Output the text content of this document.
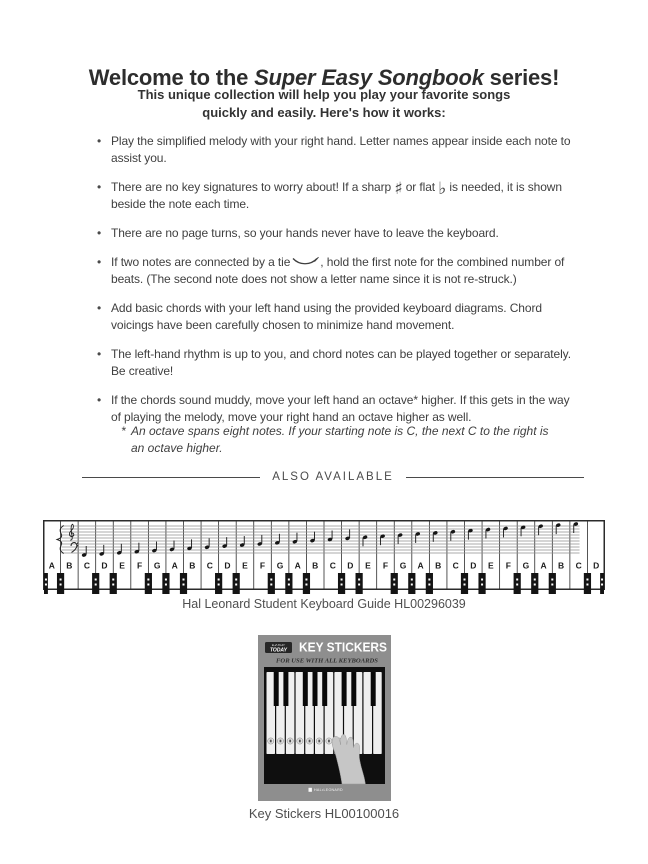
Welcome to the Super Easy Songbook series!
This unique collection will help you play your favorite songs
quickly and easily. Here's how it works:
• Play the simplified melody with your right hand. Letter names appear inside each note to assist you.
• There are no key signatures to worry about! If a sharp ♯ or flat ♭ is needed, it is shown beside the note each time.
• There are no page turns, so your hands never have to leave the keyboard.
• If two notes are connected by a tie	, hold the first note for the combined number of beats. (The second note does not show a letter name since it is not re-struck.)
• Add basic chords with your left hand using the provided keyboard diagrams. Chord voicings have been carefully chosen to minimize hand movement.
• The left-hand rhythm is up to you, and chord notes can be played together or separately. Be creative!
• If the chords sound muddy, move your left hand an octave* higher. If this gets in the way of playing the melody, move your right hand an octave higher as well.
* An octave spans eight notes. If your starting note is C, the next C to the right is an octave higher.
ALSO AVAILABLE
A B C D E F G A B C D E F G A B C D E F G A B C D E F G A B C D
Hal Leonard Student Keyboard Guide HL00296039
E-Z PLAY
TODAY KEY STICKERS
FOR USE WITH ALL KEYBOARDS
HAL•LEONARD
Key Stickers HL00100016
